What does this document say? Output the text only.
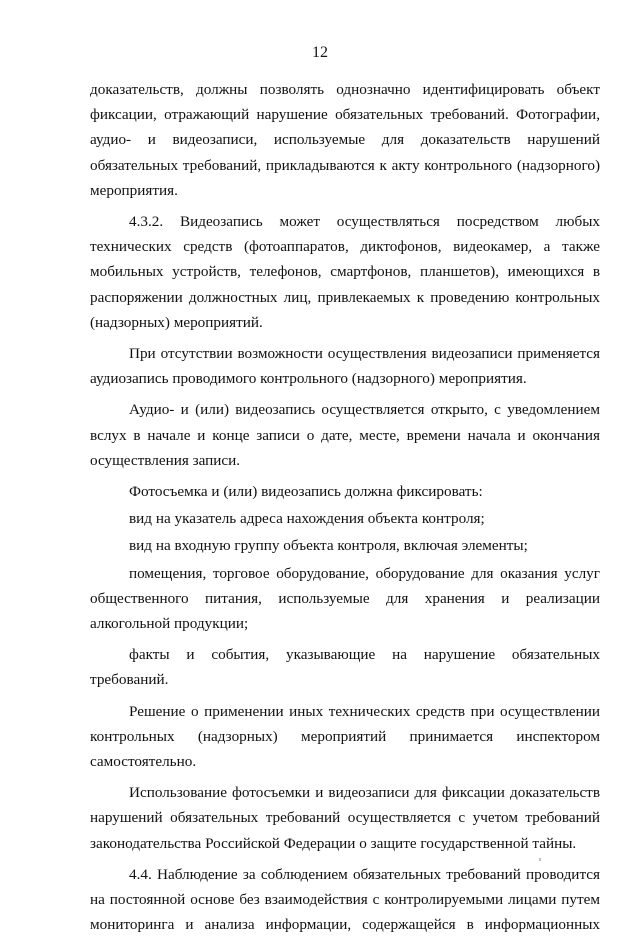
12

доказательств, должны позволять однозначно идентифицировать объект фиксации, отражающий нарушение обязательных требований. Фотографии, аудио- и видеозаписи, используемые для доказательств нарушений обязательных требований, прикладываются к акту контрольного (надзорного) мероприятия.

4.3.2. Видеозапись может осуществляться посредством любых технических средств (фотоаппаратов, диктофонов, видеокамер, а также мобильных устройств, телефонов, смартфонов, планшетов), имеющихся в распоряжении должностных лиц, привлекаемых к проведению контрольных (надзорных) мероприятий.

При отсутствии возможности осуществления видеозаписи применяется аудиозапись проводимого контрольного (надзорного) мероприятия.

Аудио- и (или) видеозапись осуществляется открыто, с уведомлением вслух в начале и конце записи о дате, месте, времени начала и окончания осуществления записи.

Фотосъемка и (или) видеозапись должна фиксировать:

вид на указатель адреса нахождения объекта контроля;

вид на входную группу объекта контроля, включая элементы;

помещения, торговое оборудование, оборудование для оказания услуг общественного питания, используемые для хранения и реализации алкогольной продукции;

факты и события, указывающие на нарушение обязательных требований.

Решение о применении иных технических средств при осуществлении контрольных (надзорных) мероприятий принимается инспектором самостоятельно.

Использование фотосъемки и видеозаписи для фиксации доказательств нарушений обязательных требований осуществляется с учетом требований законодательства Российской Федерации о защите государственной тайны.

4.4. Наблюдение за соблюдением обязательных требований проводится на постоянной основе без взаимодействия с контролируемыми лицами путем мониторинга и анализа информации, содержащейся в информационных
